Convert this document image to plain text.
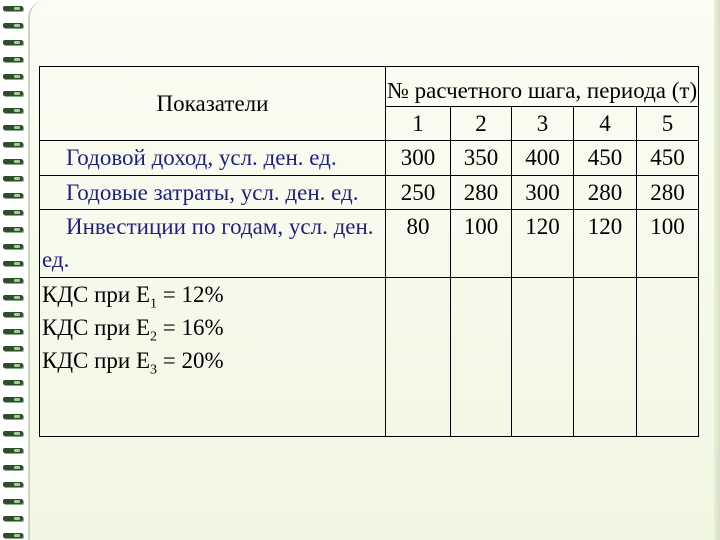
Показатели	№ расчетного шага, периода (т)				
	1	2	3	4	5
Годовой доход, усл. ден. ед.	300	350	400	450	450
Годовые затраты, усл. ден. ед.	250	280	300	280	280
Инвестиции по годам, усл. ден. ед.	80	100	120	120	100

КДС при $Е_1 = 12\%$
КДС при $Е_2 = 16\%$
КДС при $Е_3 = 20\%$					
